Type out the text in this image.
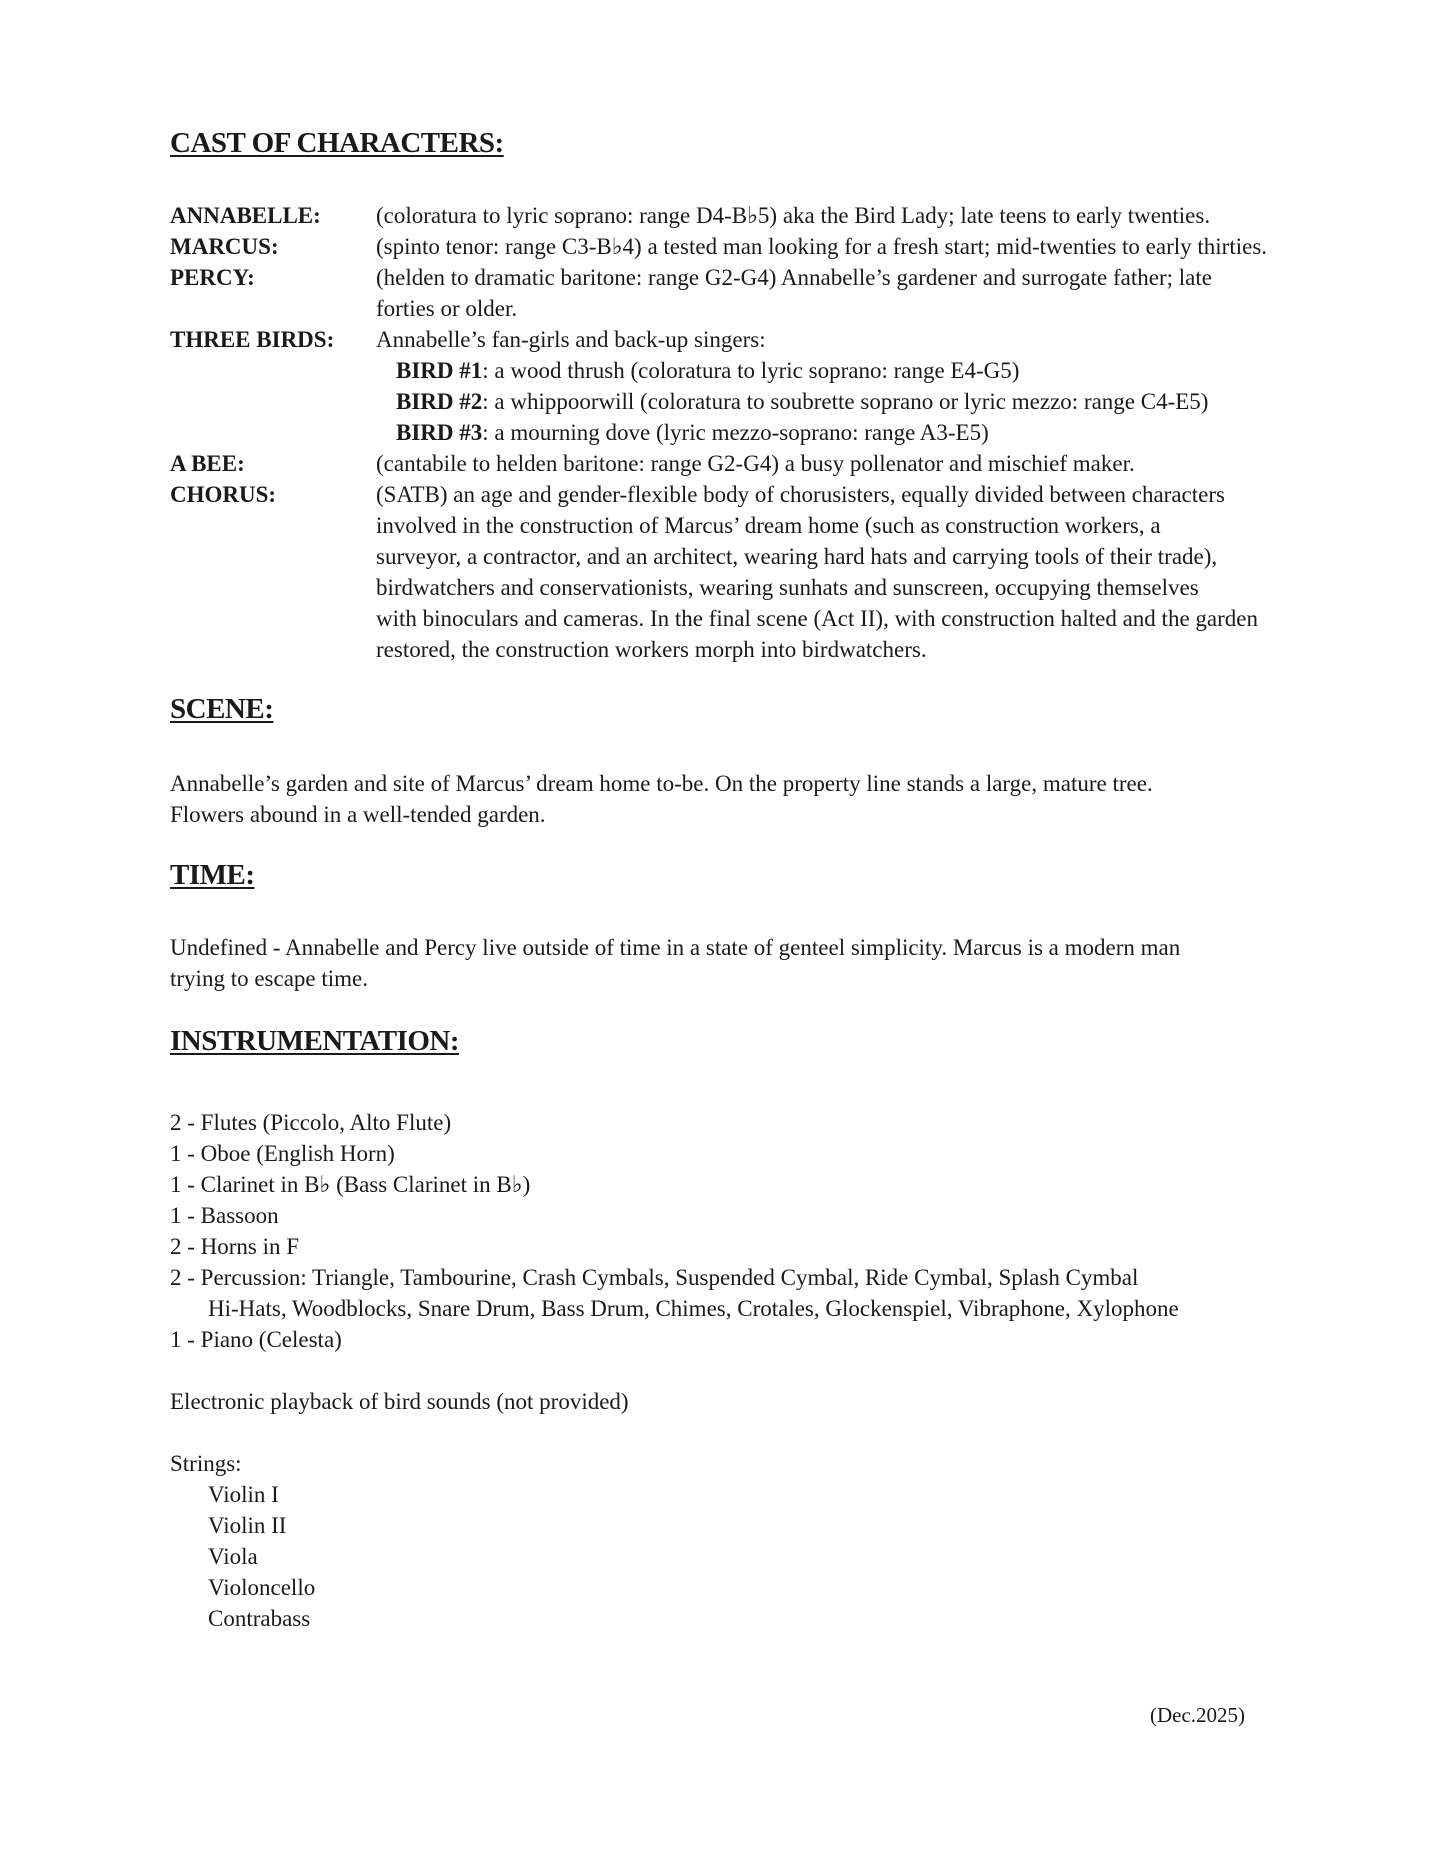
CAST OF CHARACTERS:
ANNABELLE:	(coloratura to lyric soprano: range D4-B♭5) aka the Bird Lady; late teens to early twenties.
MARCUS:	(spinto tenor: range C3-B♭4) a tested man looking for a fresh start; mid-twenties to early thirties.
PERCY:	(helden to dramatic baritone: range G2-G4) Annabelle’s gardener and surrogate father; late
forties or older.
THREE BIRDS:	Annabelle’s fan-girls and back-up singers:
BIRD #1: a wood thrush (coloratura to lyric soprano: range E4-G5)
BIRD #2: a whippoorwill (coloratura to soubrette soprano or lyric mezzo: range C4-E5)
BIRD #3: a mourning dove (lyric mezzo-soprano: range A3-E5)
A BEE:	(cantabile to helden baritone: range G2-G4) a busy pollenator and mischief maker.
CHORUS:	(SATB) an age and gender-flexible body of chorusisters, equally divided between characters
involved in the construction of Marcus’ dream home (such as construction workers, a
surveyor, a contractor, and an architect, wearing hard hats and carrying tools of their trade),
birdwatchers and conservationists, wearing sunhats and sunscreen, occupying themselves
with binoculars and cameras. In the final scene (Act II), with construction halted and the garden
restored, the construction workers morph into birdwatchers.
SCENE:
Annabelle’s garden and site of Marcus’ dream home to-be. On the property line stands a large, mature tree.
Flowers abound in a well-tended garden.
TIME:
Undefined - Annabelle and Percy live outside of time in a state of genteel simplicity. Marcus is a modern man
trying to escape time.
INSTRUMENTATION:
2 - Flutes (Piccolo, Alto Flute)
1 - Oboe (English Horn)
1 - Clarinet in B♭ (Bass Clarinet in B♭)
1 - Bassoon
2 - Horns in F
2 - Percussion: Triangle, Tambourine, Crash Cymbals, Suspended Cymbal, Ride Cymbal, Splash Cymbal
Hi-Hats, Woodblocks, Snare Drum, Bass Drum, Chimes, Crotales, Glockenspiel, Vibraphone, Xylophone
1 - Piano (Celesta)
Electronic playback of bird sounds (not provided)
Strings:
Violin I
Violin II
Viola
Violoncello
Contrabass
(Dec.2025)
